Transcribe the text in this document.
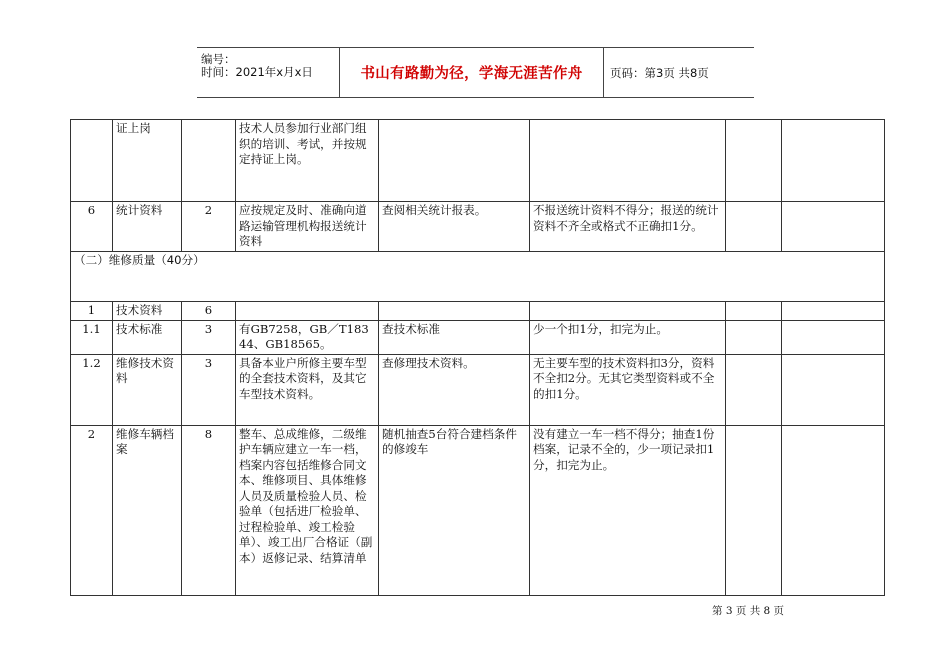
编号：
时间：2021年x月x日	书山有路勤为径，学海无涯苦作舟	页码：第3页 共8页
	证上岗		技术人员参加行业部门组织的培训、考试，并按规定持证上岗。				
6	统计资料	2	应按规定及时、准确向道路运输管理机构报送统计资料	查阅相关统计报表。	不报送统计资料不得分；报送的统计资料不齐全或格式不正确扣1分。		
（二）维修质量（40分）							
1	技术资料	6					
1.1	技术标准	3	有GB7258，GB／T18344、GB18565。	查技术标准	少一个扣1分，扣完为止。		
1.2	维修技术资料	3	具备本业户所修主要车型的全套技术资料，及其它车型技术资料。	查修理技术资料。	无主要车型的技术资料扣3分，资料不全扣2分。无其它类型资料或不全的扣1分。		
2	维修车辆档案	8	整车、总成维修，二级维护车辆应建立一车一档，档案内容包括维修合同文本、维修项目、具体维修人员及质量检验人员、检验单（包括进厂检验单、过程检验单、竣工检验单）、竣工出厂合格证（副本）返修记录、结算清单	随机抽查5台符合建档条件的修竣车	没有建立一车一档不得分；抽查1份档案，记录不全的，少一项记录扣1分，扣完为止。		
第 3 页 共 8 页
